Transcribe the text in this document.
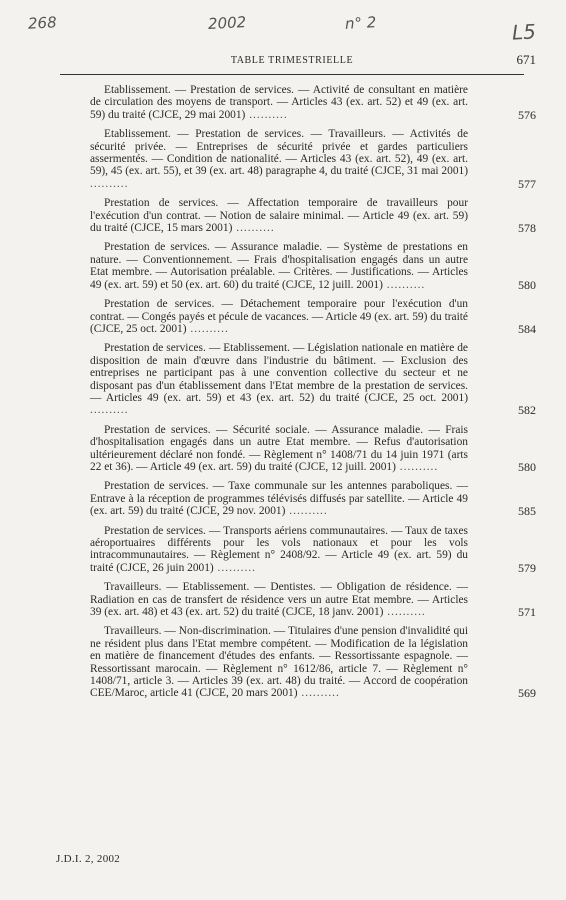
268	2002	n° 2	L5
TABLE TRIMESTRIELLE	671
Etablissement. — Prestation de services. — Activité de consultant en matière de circulation des moyens de transport. — Articles 43 (ex. art. 52) et 49 (ex. art. 59) du traité (CJCE, 29 mai 2001) ..........	576
Etablissement. — Prestation de services. — Travailleurs. — Activités de sécurité privée. — Entreprises de sécurité privée et gardes particuliers assermentés. — Condition de nationalité. — Articles 43 (ex. art. 52), 49 (ex. art. 59), 45 (ex. art. 55), et 39 (ex. art. 48) paragraphe 4, du traité (CJCE, 31 mai 2001) ..........	577
Prestation de services. — Affectation temporaire de travailleurs pour l'exécution d'un contrat. — Notion de salaire minimal. — Article 49 (ex. art. 59) du traité (CJCE, 15 mars 2001) ..........	578
Prestation de services. — Assurance maladie. — Système de prestations en nature. — Conventionnement. — Frais d'hospitalisation engagés dans un autre Etat membre. — Autorisation préalable. — Critères. — Justifications. — Articles 49 (ex. art. 59) et 50 (ex. art. 60) du traité (CJCE, 12 juill. 2001) ..........	580
Prestation de services. — Détachement temporaire pour l'exécution d'un contrat. — Congés payés et pécule de vacances. — Article 49 (ex. art. 59) du traité (CJCE, 25 oct. 2001) ..........	584
Prestation de services. — Etablissement. — Législation nationale en matière de disposition de main d'œuvre dans l'industrie du bâtiment. — Exclusion des entreprises ne participant pas à une convention collective du secteur et ne disposant pas d'un établissement dans l'Etat membre de la prestation de services. — Articles 49 (ex. art. 59) et 43 (ex. art. 52) du traité (CJCE, 25 oct. 2001) ..........	582
Prestation de services. — Sécurité sociale. — Assurance maladie. — Frais d'hospitalisation engagés dans un autre Etat membre. — Refus d'autorisation ultérieurement déclaré non fondé. — Règlement n° 1408/71 du 14 juin 1971 (arts 22 et 36). — Article 49 (ex. art. 59) du traité (CJCE, 12 juill. 2001) ..........	580
Prestation de services. — Taxe communale sur les antennes paraboliques. — Entrave à la réception de programmes télévisés diffusés par satellite. — Article 49 (ex. art. 59) du traité (CJCE, 29 nov. 2001) ..........	585
Prestation de services. — Transports aériens communautaires. — Taux de taxes aéroportuaires différents pour les vols nationaux et pour les vols intracommunautaires. — Règlement n° 2408/92. — Article 49 (ex. art. 59) du traité (CJCE, 26 juin 2001) ..........	579
Travailleurs. — Etablissement. — Dentistes. — Obligation de résidence. — Radiation en cas de transfert de résidence vers un autre Etat membre. — Articles 39 (ex. art. 48) et 43 (ex. art. 52) du traité (CJCE, 18 janv. 2001) ..........	571
Travailleurs. — Non-discrimination. — Titulaires d'une pension d'invalidité qui ne résident plus dans l'Etat membre compétent. — Modification de la législation en matière de financement d'études des enfants. — Ressortissante espagnole. — Ressortissant marocain. — Règlement n° 1612/86, article 7. — Règlement n° 1408/71, article 3. — Articles 39 (ex. art. 48) du traité. — Accord de coopération CEE/Maroc, article 41 (CJCE, 20 mars 2001) ..........	569
J.D.I. 2, 2002
